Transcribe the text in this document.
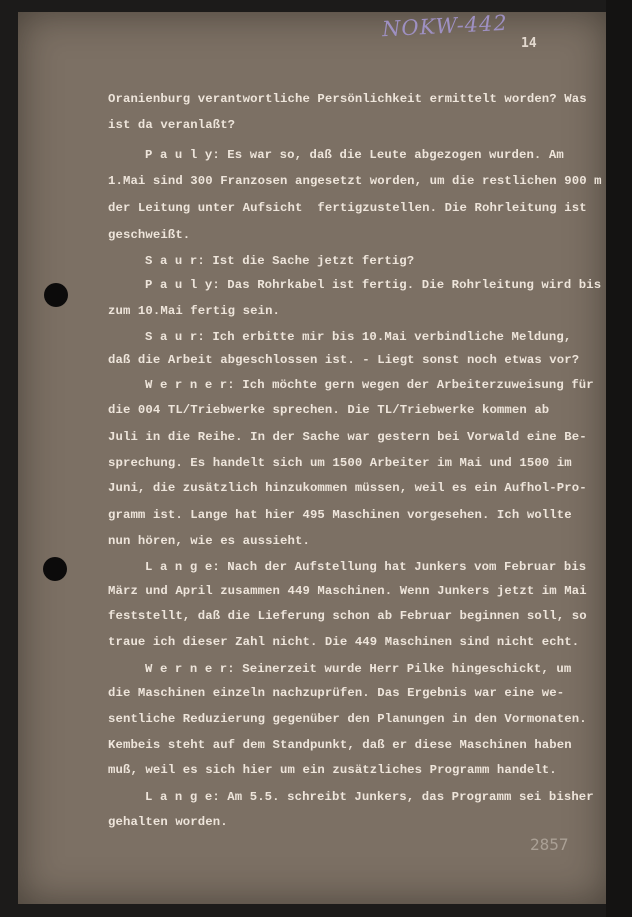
NOKW-442
14
Oranienburg verantwortliche Persönlichkeit ermittelt worden? Was
ist da veranlaßt?
P a u l y: Es war so, daß die Leute abgezogen wurden. Am
1.Mai sind 300 Franzosen angesetzt worden, um die restlichen 900 m
der Leitung unter Aufsicht  fertigzustellen. Die Rohrleitung ist
geschweißt.
S a u r: Ist die Sache jetzt fertig?
P a u l y: Das Rohrkabel ist fertig. Die Rohrleitung wird bis
zum 10.Mai fertig sein.
S a u r: Ich erbitte mir bis 10.Mai verbindliche Meldung,
daß die Arbeit abgeschlossen ist. - Liegt sonst noch etwas vor?
W e r n e r: Ich möchte gern wegen der Arbeiterzuweisung für
die 004 TL/Triebwerke sprechen. Die TL/Triebwerke kommen ab
Juli in die Reihe. In der Sache war gestern bei Vorwald eine Be-
sprechung. Es handelt sich um 1500 Arbeiter im Mai und 1500 im
Juni, die zusätzlich hinzukommen müssen, weil es ein Aufhol-Pro-
gramm ist. Lange hat hier 495 Maschinen vorgesehen. Ich wollte
nun hören, wie es aussieht.
L a n g e: Nach der Aufstellung hat Junkers vom Februar bis
März und April zusammen 449 Maschinen. Wenn Junkers jetzt im Mai
feststellt, daß die Lieferung schon ab Februar beginnen soll, so
traue ich dieser Zahl nicht. Die 449 Maschinen sind nicht echt.
W e r n e r: Seinerzeit wurde Herr Pilke hingeschickt, um
die Maschinen einzeln nachzuprüfen. Das Ergebnis war eine we-
sentliche Reduzierung gegenüber den Planungen in den Vormonaten.
Kembeis steht auf dem Standpunkt, daß er diese Maschinen haben
muß, weil es sich hier um ein zusätzliches Programm handelt.
L a n g e: Am 5.5. schreibt Junkers, das Programm sei bisher
gehalten worden.
2857
